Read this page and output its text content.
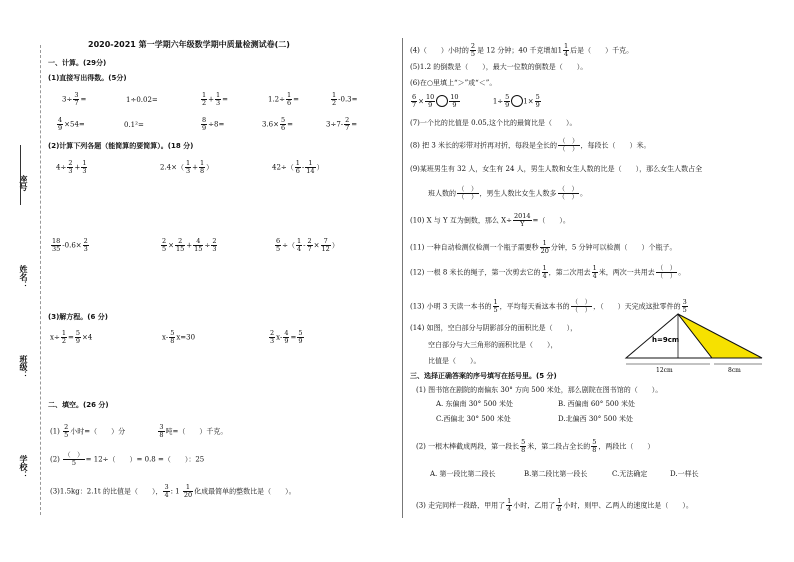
座号
姓名：
班级：
学校：
2020-2021 第一学期六年级数学期中质量检测试卷(二)
一、计算。(29分)
(1)直接写出得数。(5分)
$3\div \frac{3}{7}$ =	1÷0.02=	$\frac{1}{2} + \frac{1}{3}$ =	$1.2\div \frac{1}{6}$ =	$\frac{1}{2} -0.3=$
$\frac{4}{9} \times 54=$	0.1²=	$\frac{8}{9} \div 8=$	$3.6\times \frac{5}{6}$ =	$3\div 7- \frac{2}{7}$ =
(2)计算下列各题（能简算的要简算）。(18 分)
$4\div \frac{2}{3} + \frac{1}{3}$	$2.4\times( \frac{1}{3} + \frac{1}{8}$ ）	$42\div( \frac{1}{6} - \frac{1}{14}$ ）
$\frac{18}{35} -0.6\times \frac{2}{3}$	$\frac{2}{5} \times \frac{2}{15} + \frac{4}{15} \div \frac{2}{3}$	$\frac{6}{5}$ ÷（ $\frac{1}{4} - \frac{2}{7} \times \frac{7}{12}$ ）
(3)解方程。(6 分)
$x\div \frac{1}{2} = \frac{5}{9} \times 4$	$x- \frac{5}{8} x=30$	$\frac{2}{3} x- \frac{4}{9} = \frac{5}{9}$
二、填空。(26 分)
$(1) \frac{2}{5}$ 小时=（　　）分	$\frac{3}{8}$ 吨=（　　）千克。
$(2) \frac{( )}{5} = 12\div$（　　）= 0.8 =（　　）：25
(3)1.5kg：2.1t 的比值是（　　）， $\frac{3}{4}$ : $1 \frac{1}{20}$ 化成最简单的整数比是（　　）。
(4)（　　）小时的 $\frac{2}{5}$ 是 12 分钟；40 千克增加$1 \frac{1}{4}$ 后是（　　）千克。
(5)1.2 的倒数是（　　），最大一位数的倒数是（　　）。
(6)在○里填上“＞”或“＜”。
$\frac{6}{7} \times \frac{10}{9} \frac{10}{9}$	$1\div \frac{5}{9} 1\times \frac{5}{9}$
(7)一个比的比值是 0.05,这个比的最简比是（　　）。
(8) 把 3 米长的彩带对折再对折，每段是全长的 $\frac{( )}{( )}$ ，每段长（　　）米。
(9)某班男生有 32 人，女生有 24 人，男生人数和女生人数的比是（　　），那么女生人数占全
班人数的 $\frac{( )}{( )}$ ，男生人数比女生人数多 $\frac{( )}{( )}$ 。
(10) X 与 Y 互为倒数，那么 $X\div \frac{2014}{Y}$ =（　　）。
(11) 一种自动检测仪检测一个瓶子需要秒 $\frac{1}{20}$ 分钟，5 分钟可以检测（　　）个瓶子。
(12) 一根 8 米长的绳子，第一次剪去它的 $\frac{1}{4}$ ，第二次用去 $\frac{1}{4}$ 米，两次一共用去 $\frac{( )}{( )}$ 。
(13) 小明 3 天读一本书的 $\frac{1}{5}$ ，平均每天看这本书的 $\frac{( )}{( )}$ ，（　　）天完成这批零件的 $\frac{3}{5}$
(14) 如图，空白部分与阴影部分的面积比是（　　），
空白部分与大三角形的面积比是（　　），
比值是（　　）。
h=9cm
12cm	8cm
三、选择正确答案的序号填写在括号里。(5 分)
(1) 图书馆在剧院的南偏东 30° 方向 500 米处，那么剧院在图书馆的（　　）。
A. 东偏南 30° 500 米处	B. 西偏南 60° 500 米处
C.西偏北 30° 500 米处	D.北偏西 30° 500 米处
(2) 一根木棒截成两段，第一段长 $\frac{5}{8}$ 米，第二段占全长的 $\frac{5}{8}$ ，两段比（　　）
A. 第一段比第二段长	B.第二段比第一段长	C.无法确定	D.一样长
(3) 走完同样一段路，甲用了 $\frac{1}{4}$ 小时，乙用了 $\frac{1}{6}$ 小时，则甲、乙两人的速度比是（　　）。
